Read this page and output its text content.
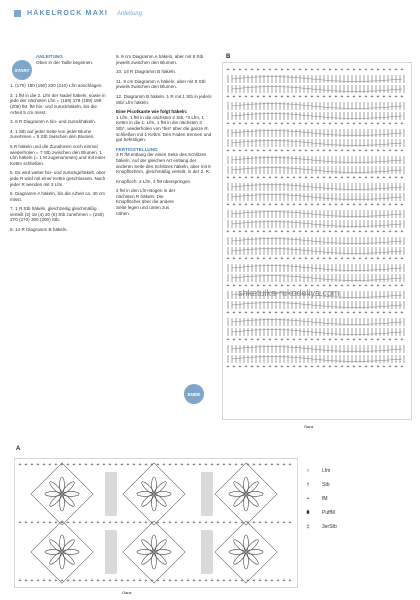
HÄKELROCK MAXI Anleitung
START
ANLEITUNG
Oben in der Taille beginnen.
1. (170) 180 (190) 200 (210) Lfm anschlagen.
2. 1 fM in die 2. Lfm der Nadel häkeln, sowie in jede der nächsten Lfm = (169) 179 (189) 199 (209) fM. fM hin- und zurückhäkeln, bis die Arbeit 5 cm misst.
3. 6 R Diagramm A hin- und zurückhäkeln.
4. 1 Stb auf jeder Seite von jeder Blume zunehmen = 5 Stb zwischen den Blumen.
5 R häkeln und die Zunahmen noch einmal wiederholen = 7 Stb zwischen den Blumen. 1 Lfm häkeln (= 1 M zugenommen) und mit einer Kettm schließen.
5. Es wird weiter hin- und zurückgehäkelt, aber jede R wird mit einer Kettm geschlossen. Nach jeder R wenden mit 3 Lfm.
6. Diagramm A häkeln, bis die Arbeit ca. 40 cm misst.
7. 1 R Stb häkeln, gleichzeitig gleichmäßig verteilt (2) 18 (4) 20 (6) Stb zunehmen = (240) 270 (270) 300 (300) Stb.
8. 14 R Diagramm B häkeln.
9. 9 cm Diagramm A häkeln, aber mit 8 Stb jeweils zwischen den Blumen.
10. 14 R Diagramm B häkeln.
11. 9 cm Diagramm A häkeln, aber mit 8 Stb jeweils zwischen den Blumen.
12. Diagramm B häkeln. 1 R mit 1 Stb in jede/s Stb/ Lfm häkeln.
Eine Picotkante wie folgt häkeln:
1 Lfm, 1 fM in die nächsten 2 Stb, *3 Lfm, 1 Kettm in die 1. Lfm, 1 fM in die nächsten 3 Stb*, wiederholen von *bis* über die ganze R, schließen mit 1 Kettm. Den Faden trennen und gut befestigen.
FERTIGSTELLUNG
3 R fM entlang der einen Seite des Schlitzes häkeln. Auf der gleichen Art entlang der anderen Seite des Schlitzes häkeln, aber mit 6 Knopflöchern, gleichmäßig verteilt, in der 2. R.
Knopfloch: 2 Lfm, 2 fM überspringen.
2 fM in den Lfm-Bogen in der nächsten R häkeln. Die Knopflöcher über die andere Seite legen und unten zus nähen.
ENDE
B
+ + + + + + + + + + + + + + + + + + + + + + + + + + + + + +
+ + + + + + + + + + + + + + + + + + + + + + + + + + + + + +
+ + + + + + + + + + + + + + + + + + + + + + + + + + + + + +
+ + + + + + + + + + + + + + + + + + + + + + + + + + + + + +
+ + + + + + + + + + + + + + + + + + + + + + + + + + + + + +
+ + + + + + + + + + + + + + + + + + + + + + + + + + + + + +
+ + + + + + + + + + + + + + + + + + + + + + + + + + + + + +
+ + + + + + + + + + + + + + + + + + + + + + + + + + + + + +
+ + + + + + + + + + + + + + + + + + + + + + + + + + + + + +
+ + + + + + + + + + + + + + + + + + + + + + + + + + + + + +
+ + + + + + + + + + + + + + + + + + + + + + + + + + + + + +
+ + + + + + + + + + + + + + + + + + + + + + + + + + + + + +
Ganz
A
+ + + + + + + + + + + + + + + + + + + + + + + + + + + + + + + + + + + + + + + + + + + + + +
+ + + + + + + + + + + + + + + + + + + + + + + + + + + + + + + + + + + + + + + + + + + + + +
+ + + + + + + + + + + + + + + + + + + + + + + + + + + + + + + + + + + + + + + + + + + + + +
Ganz
○	Lfm
†	Stb
+	fM
⬮	PuffM
‡	3erStb
shkatulka-rukodeliya.com
